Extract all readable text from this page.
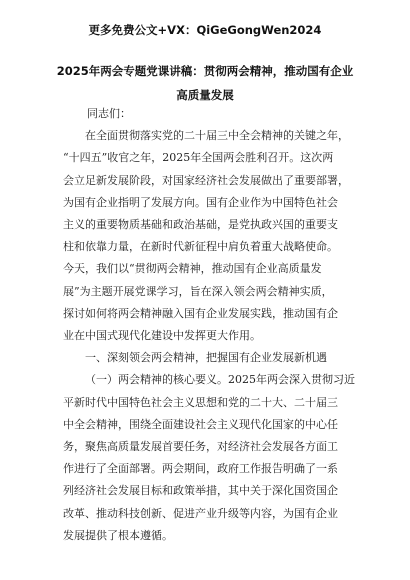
更多免费公文+VX：QiGeGongWen2024
2025年两会专题党课讲稿：贯彻两会精神，推动国有企业
高质量发展

同志们：

在全面贯彻落实党的二十届三中全会精神的关键之年，
“十四五”收官之年，2025年全国两会胜利召开。这次两
会立足新发展阶段，对国家经济社会发展做出了重要部署，
为国有企业指明了发展方向。国有企业作为中国特色社会
主义的重要物质基础和政治基础，是党执政兴国的重要支
柱和依靠力量，在新时代新征程中肩负着重大战略使命。
今天，我们以“贯彻两会精神，推动国有企业高质量发
展”为主题开展党课学习，旨在深入领会两会精神实质，
探讨如何将两会精神融入国有企业发展实践，推动国有企
业在中国式现代化建设中发挥更大作用。

一、深刻领会两会精神，把握国有企业发展新机遇

（一）两会精神的核心要义。2025年两会深入贯彻习近
平新时代中国特色社会主义思想和党的二十大、二十届三
中全会精神，围绕全面建设社会主义现代化国家的中心任
务，聚焦高质量发展首要任务，对经济社会发展各方面工
作进行了全面部署。两会期间，政府工作报告明确了一系
列经济社会发展目标和政策举措，其中关于深化国资国企
改革、推动科技创新、促进产业升级等内容，为国有企业
发展提供了根本遵循。
